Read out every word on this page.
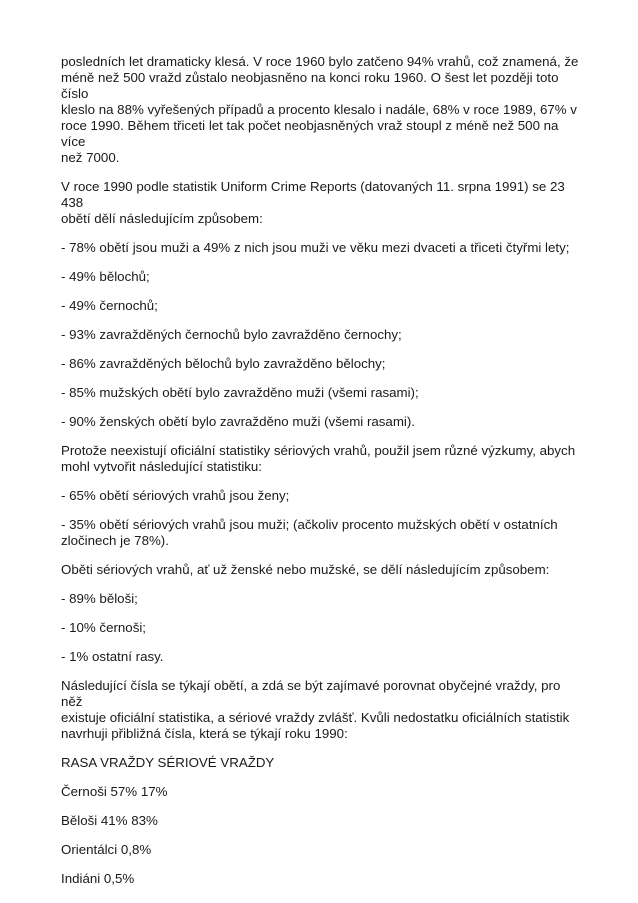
posledních let dramaticky klesá. V roce 1960 bylo zatčeno 94% vrahů, což znamená, že
méně než 500 vražd zůstalo neobjasněno na konci roku 1960. O šest let později toto číslo
kleslo na 88% vyřešených případů a procento klesalo i nadále, 68% v roce 1989, 67% v
roce 1990. Během třiceti let tak počet neobjasněných vraž stoupl z méně než 500 na více
než 7000.

V roce 1990 podle statistik Uniform Crime Reports (datovaných 11. srpna 1991) se 23 438
obětí dělí následujícím způsobem:

- 78% obětí jsou muži a 49% z nich jsou muži ve věku mezi dvaceti a třiceti čtyřmi lety;

- 49% bělochů;

- 49% černochů;

- 93% zavražděných černochů bylo zavražděno černochy;

- 86% zavražděných bělochů bylo zavražděno bělochy;

- 85% mužských obětí bylo zavražděno muži (všemi rasami);

- 90% ženských obětí bylo zavražděno muži (všemi rasami).

Protože neexistují oficiální statistiky sériových vrahů, použil jsem různé výzkumy, abych
mohl vytvořit následující statistiku:

- 65% obětí sériových vrahů jsou ženy;

- 35% obětí sériových vrahů jsou muži; (ačkoliv procento mužských obětí v ostatních
zločinech je 78%).

Oběti sériových vrahů, ať už ženské nebo mužské, se dělí následujícím způsobem:

- 89% běloši;

- 10% černoši;

- 1% ostatní rasy.

Následující čísla se týkají obětí, a zdá se být zajímavé porovnat obyčejné vraždy, pro něž
existuje oficiální statistika, a sériové vraždy zvlášť. Kvůli nedostatku oficiálních statistik
navrhuji přibližná čísla, která se týkají roku 1990:

RASA VRAŽDY SÉRIOVÉ VRAŽDY

Černoši 57% 17%

Běloši 41% 83%

Orientálci 0,8%

Indiáni 0,5%
